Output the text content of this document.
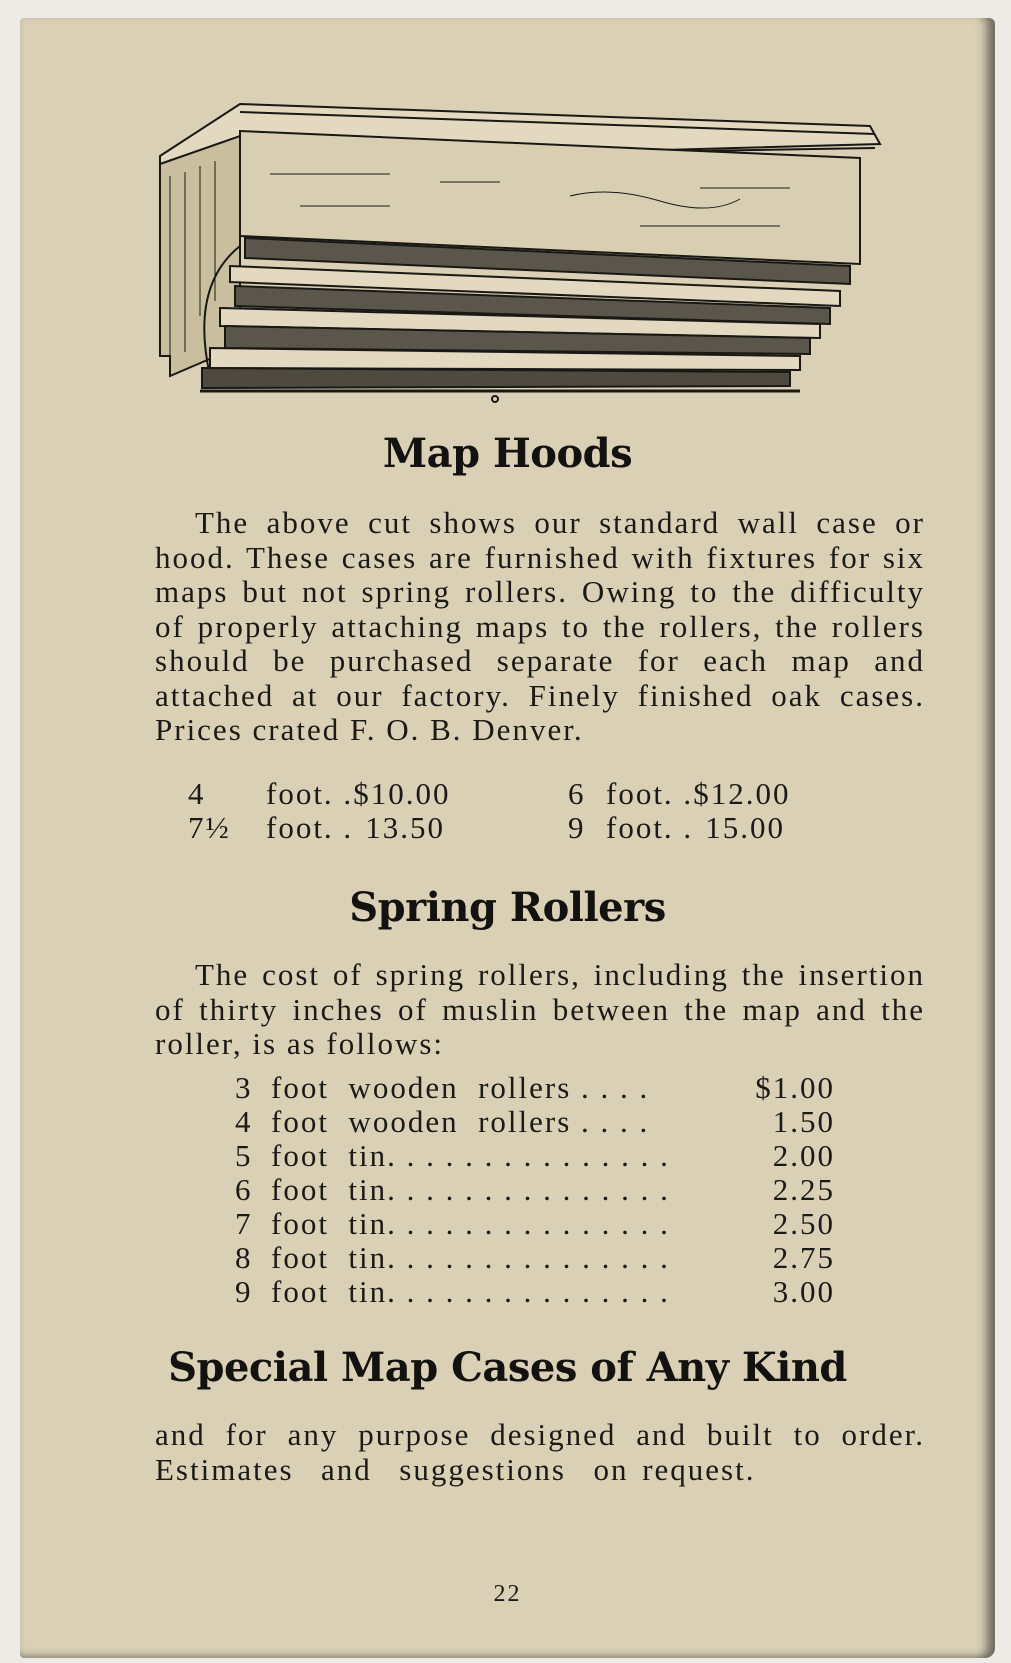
Map Hoods
The above cut shows our standard wall case or hood. These cases are furnished with fixtures for six maps but not spring rollers. Owing to the difficulty of properly attaching maps to the rollers, the rollers should be purchased separate for each map and attached at our factory. Finely finished oak cases. Prices crated F. O. B. Denver.
4 foot. .$10.00	6 foot. .$12.00
7½ foot. . 13.50	9 foot. . 15.00
Spring Rollers
The cost of spring rollers, including the insertion of thirty inches of muslin between the map and the roller, is as follows:
3 foot  wooden  rollers . . . .	$1.00
4 foot  wooden  rollers . . . .	1.50
5 foot  tin. . . . . . . . . . . . . . .	2.00
6 foot  tin. . . . . . . . . . . . . . .	2.25
7 foot  tin. . . . . . . . . . . . . . .	2.50
8 foot  tin. . . . . . . . . . . . . . .	2.75
9 foot  tin. . . . . . . . . . . . . . .	3.00
Special Map Cases of Any Kind
and for any purpose designed and built to order.   Estimates  and  suggestions  on request.
22
